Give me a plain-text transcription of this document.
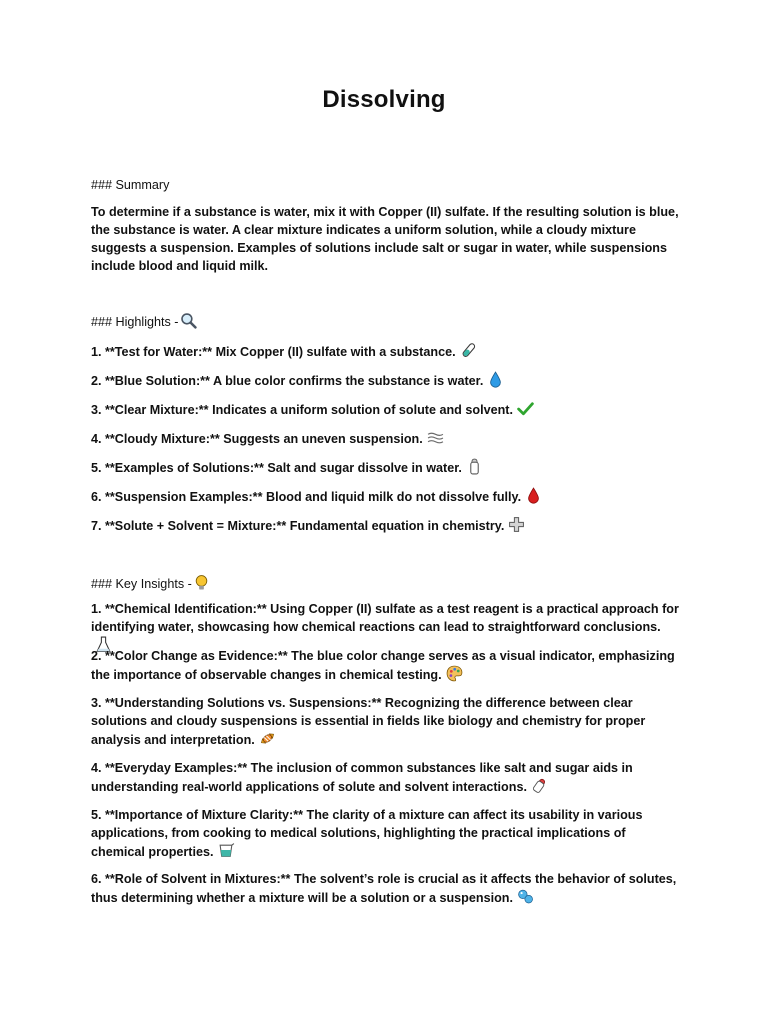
Dissolving
### Summary
To determine if a substance is water, mix it with Copper (II) sulfate. If the resulting solution is blue, the substance is water. A clear mixture indicates a uniform solution, while a cloudy mixture suggests a suspension. Examples of solutions include salt or sugar in water, while suspensions include blood and liquid milk.
### Highlights -
1. **Test for Water:** Mix Copper (II) sulfate with a substance.
2. **Blue Solution:** A blue color confirms the substance is water.
3. **Clear Mixture:** Indicates a uniform solution of solute and solvent.
4. **Cloudy Mixture:** Suggests an uneven suspension.
5. **Examples of Solutions:** Salt and sugar dissolve in water.
6. **Suspension Examples:** Blood and liquid milk do not dissolve fully.
7. **Solute + Solvent = Mixture:** Fundamental equation in chemistry.
### Key Insights -
1. **Chemical Identification:** Using Copper (II) sulfate as a test reagent is a practical approach for identifying water, showcasing how chemical reactions can lead to straightforward conclusions.
2. **Color Change as Evidence:** The blue color change serves as a visual indicator, emphasizing the importance of observable changes in chemical testing.
3. **Understanding Solutions vs. Suspensions:** Recognizing the difference between clear solutions and cloudy suspensions is essential in fields like biology and chemistry for proper analysis and interpretation.
4. **Everyday Examples:** The inclusion of common substances like salt and sugar aids in understanding real-world applications of solute and solvent interactions.
5. **Importance of Mixture Clarity:** The clarity of a mixture can affect its usability in various applications, from cooking to medical solutions, highlighting the practical implications of chemical properties.
6. **Role of Solvent in Mixtures:** The solvent’s role is crucial as it affects the behavior of solutes, thus determining whether a mixture will be a solution or a suspension.
